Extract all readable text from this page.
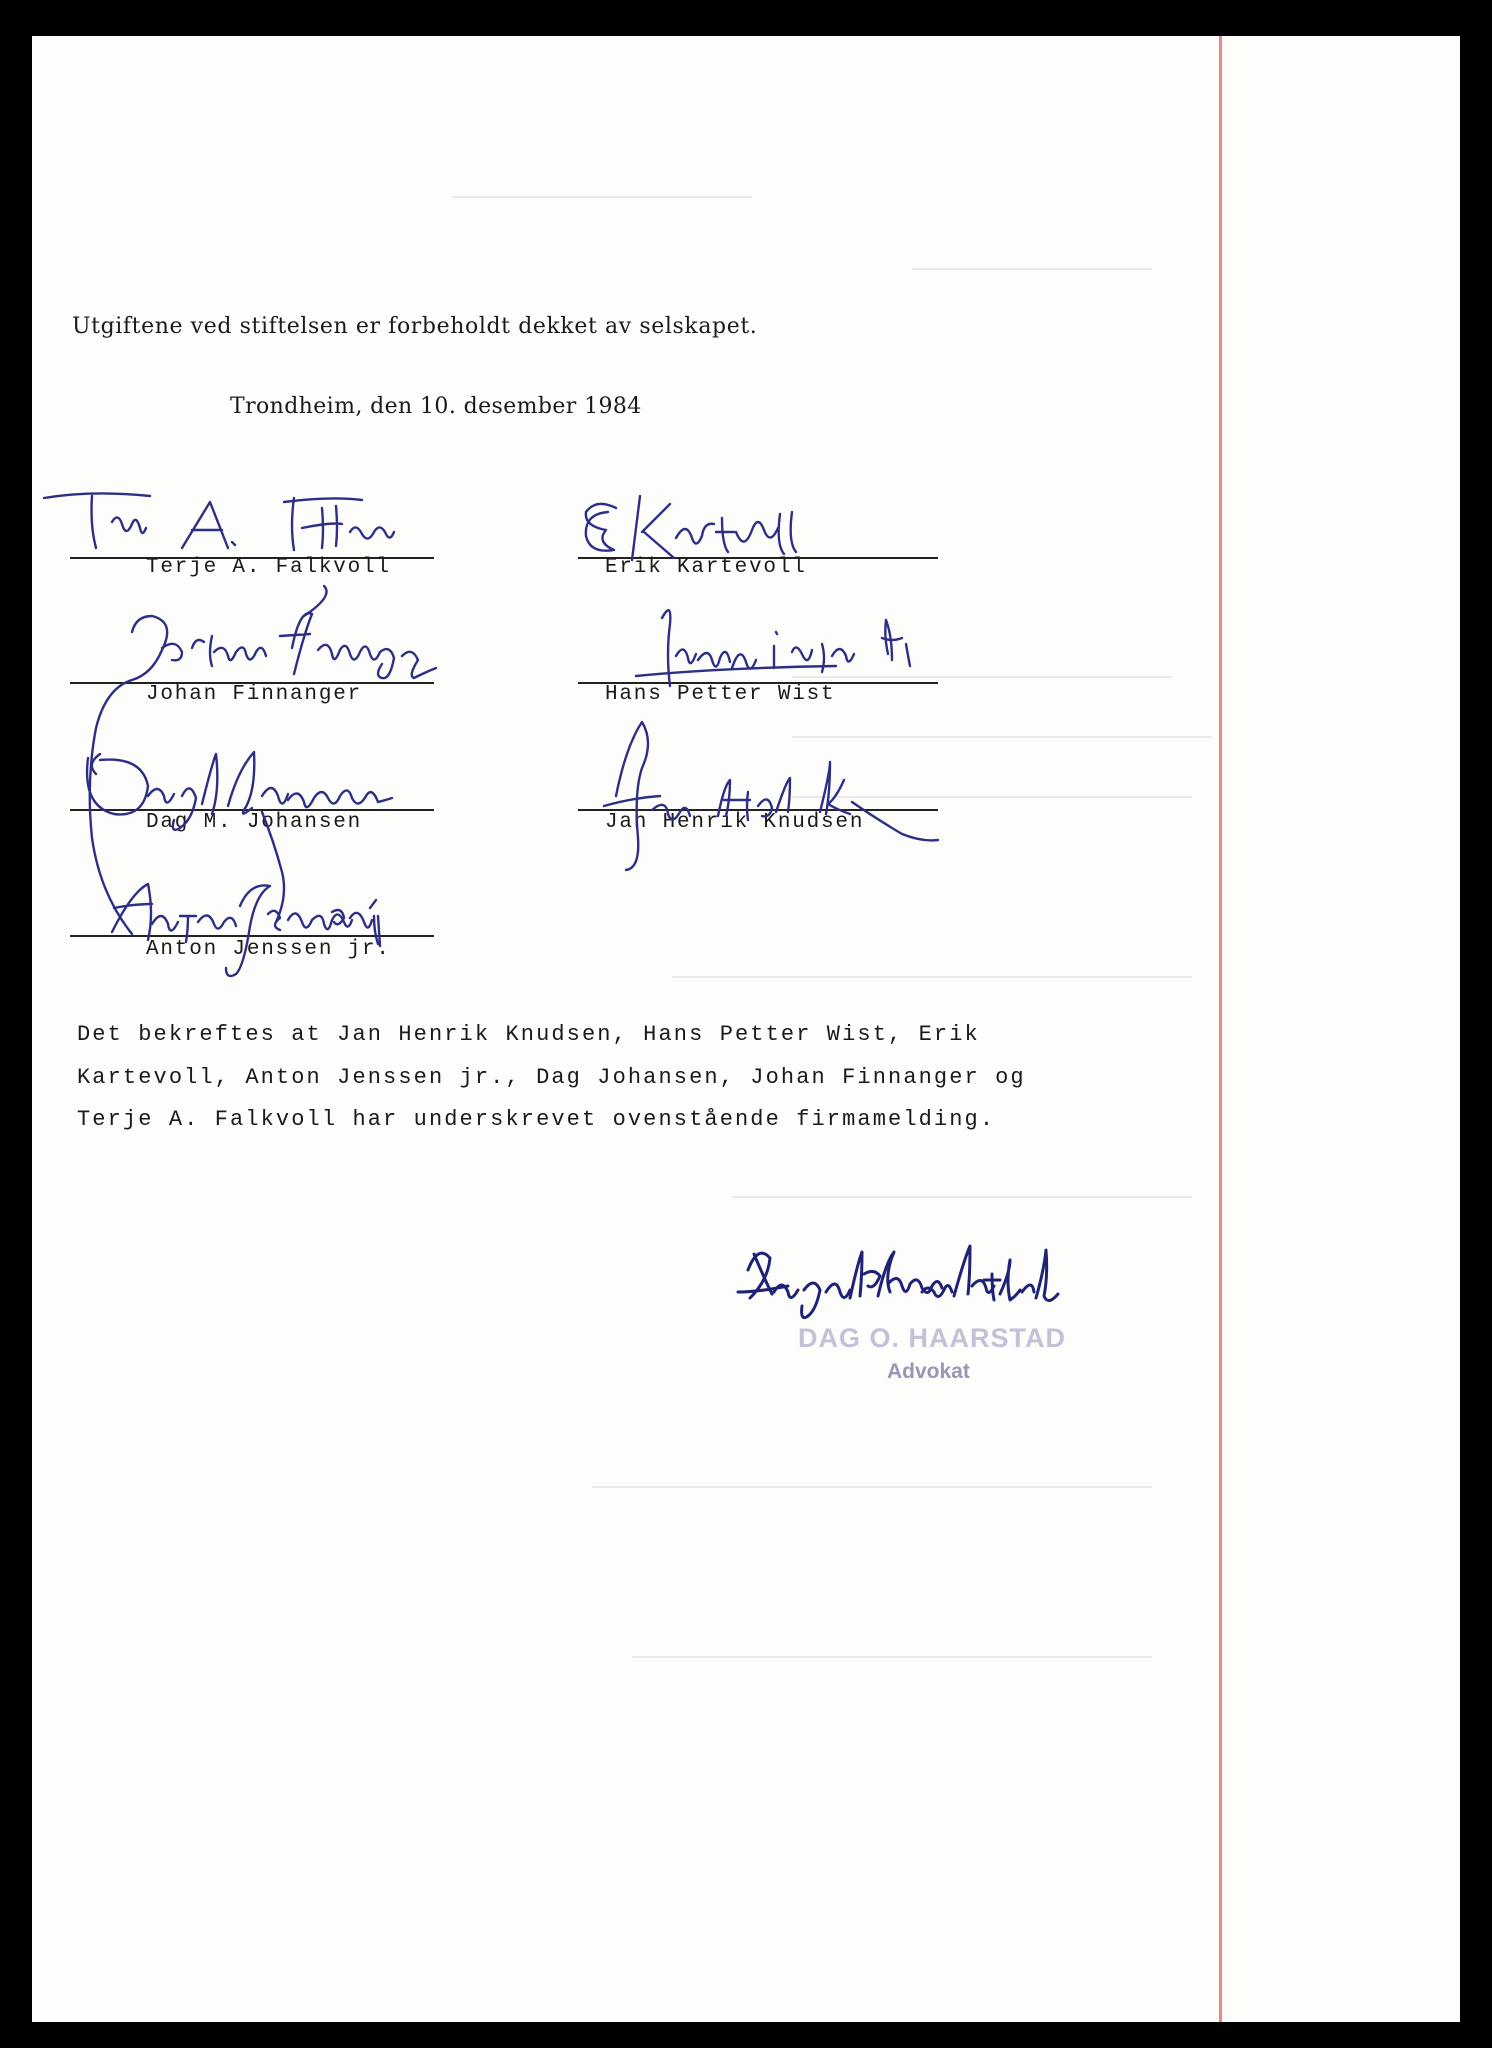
Utgiftene ved stiftelsen er forbeholdt dekket av selskapet.

Trondheim, den 10. desember 1984

Terje A. Falkvoll	Erik Kartevoll
Johan Finnanger	Hans Petter Wist
Dag M. Johansen	Jan Henrik Knudsen
Anton Jenssen jr.
Det bekreftes at Jan Henrik Knudsen, Hans Petter Wist, Erik
Kartevoll, Anton Jenssen jr., Dag Johansen, Johan Finnanger og
Terje A. Falkvoll har underskrevet ovenstående firmamelding.
DAG O. HAARSTAD
Advokat
